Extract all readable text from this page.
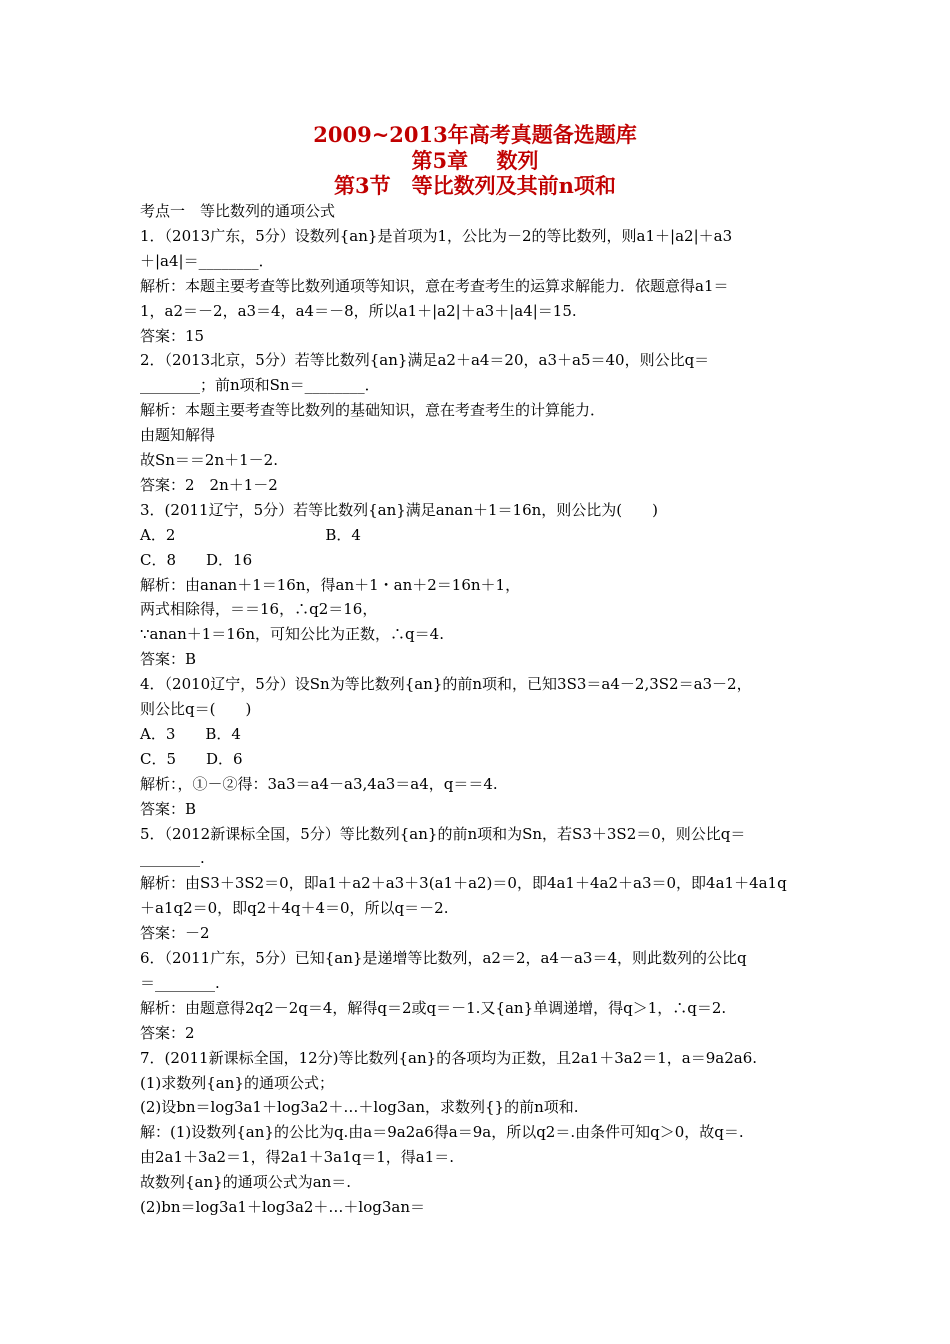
2009~2013年高考真题备选题库
第5章　 数列
第3节　等比数列及其前n项和
考点一　等比数列的通项公式
1．（2013广东，5分）设数列{an}是首项为1，公比为－2的等比数列，则a1＋|a2|＋a3
＋|a4|＝________．
解析：本题主要考查等比数列通项等知识，意在考查考生的运算求解能力．依题意得a1＝
1，a2＝－2，a3＝4，a4＝－8，所以a1＋|a2|＋a3＋|a4|＝15.
答案：15
2．（2013北京，5分）若等比数列{an}满足a2＋a4＝20，a3＋a5＝40，则公比q＝
________；前n项和Sn＝________．
解析：本题主要考查等比数列的基础知识，意在考查考生的计算能力．
由题知解得
故Sn＝＝2n＋1－2.
答案：2　2n＋1－2
3．(2011辽宁，5分）若等比数列{an}满足anan＋1＝16n，则公比为(　　)
A．2　　　　　　　　　　B．4
C．8　　D．16
解析：由anan＋1＝16n，得an＋1・an＋2＝16n＋1，
两式相除得，＝＝16，∴q2＝16，
∵anan＋1＝16n，可知公比为正数，∴q＝4.
答案：B
4．（2010辽宁，5分）设Sn为等比数列{an}的前n项和，已知3S3＝a4－2,3S2＝a3－2，
则公比q＝(　　)
A．3　　B．4
C．5　　D．6
解析：，①－②得：3a3＝a4－a3,4a3＝a4，q＝＝4.
答案：B
5．（2012新课标全国，5分）等比数列{an}的前n项和为Sn，若S3＋3S2＝0，则公比q＝
________.
解析：由S3＋3S2＝0，即a1＋a2＋a3＋3(a1＋a2)＝0，即4a1＋4a2＋a3＝0，即4a1＋4a1q
＋a1q2＝0，即q2＋4q＋4＝0，所以q＝－2.
答案：－2
6．（2011广东，5分）已知{an}是递增等比数列，a2＝2，a4－a3＝4，则此数列的公比q
＝________.
解析：由题意得2q2－2q＝4，解得q＝2或q＝－1.又{an}单调递增，得q＞1，∴q＝2.
答案：2
7．(2011新课标全国，12分)等比数列{an}的各项均为正数，且2a1＋3a2＝1，a＝9a2a6.
(1)求数列{an}的通项公式；
(2)设bn＝log3a1＋log3a2＋…＋log3an，求数列{}的前n项和.
解：(1)设数列{an}的公比为q.由a＝9a2a6得a＝9a，所以q2＝.由条件可知q＞0，故q＝.
由2a1＋3a2＝1，得2a1＋3a1q＝1，得a1＝.
故数列{an}的通项公式为an＝.
(2)bn＝log3a1＋log3a2＋…＋log3an＝
